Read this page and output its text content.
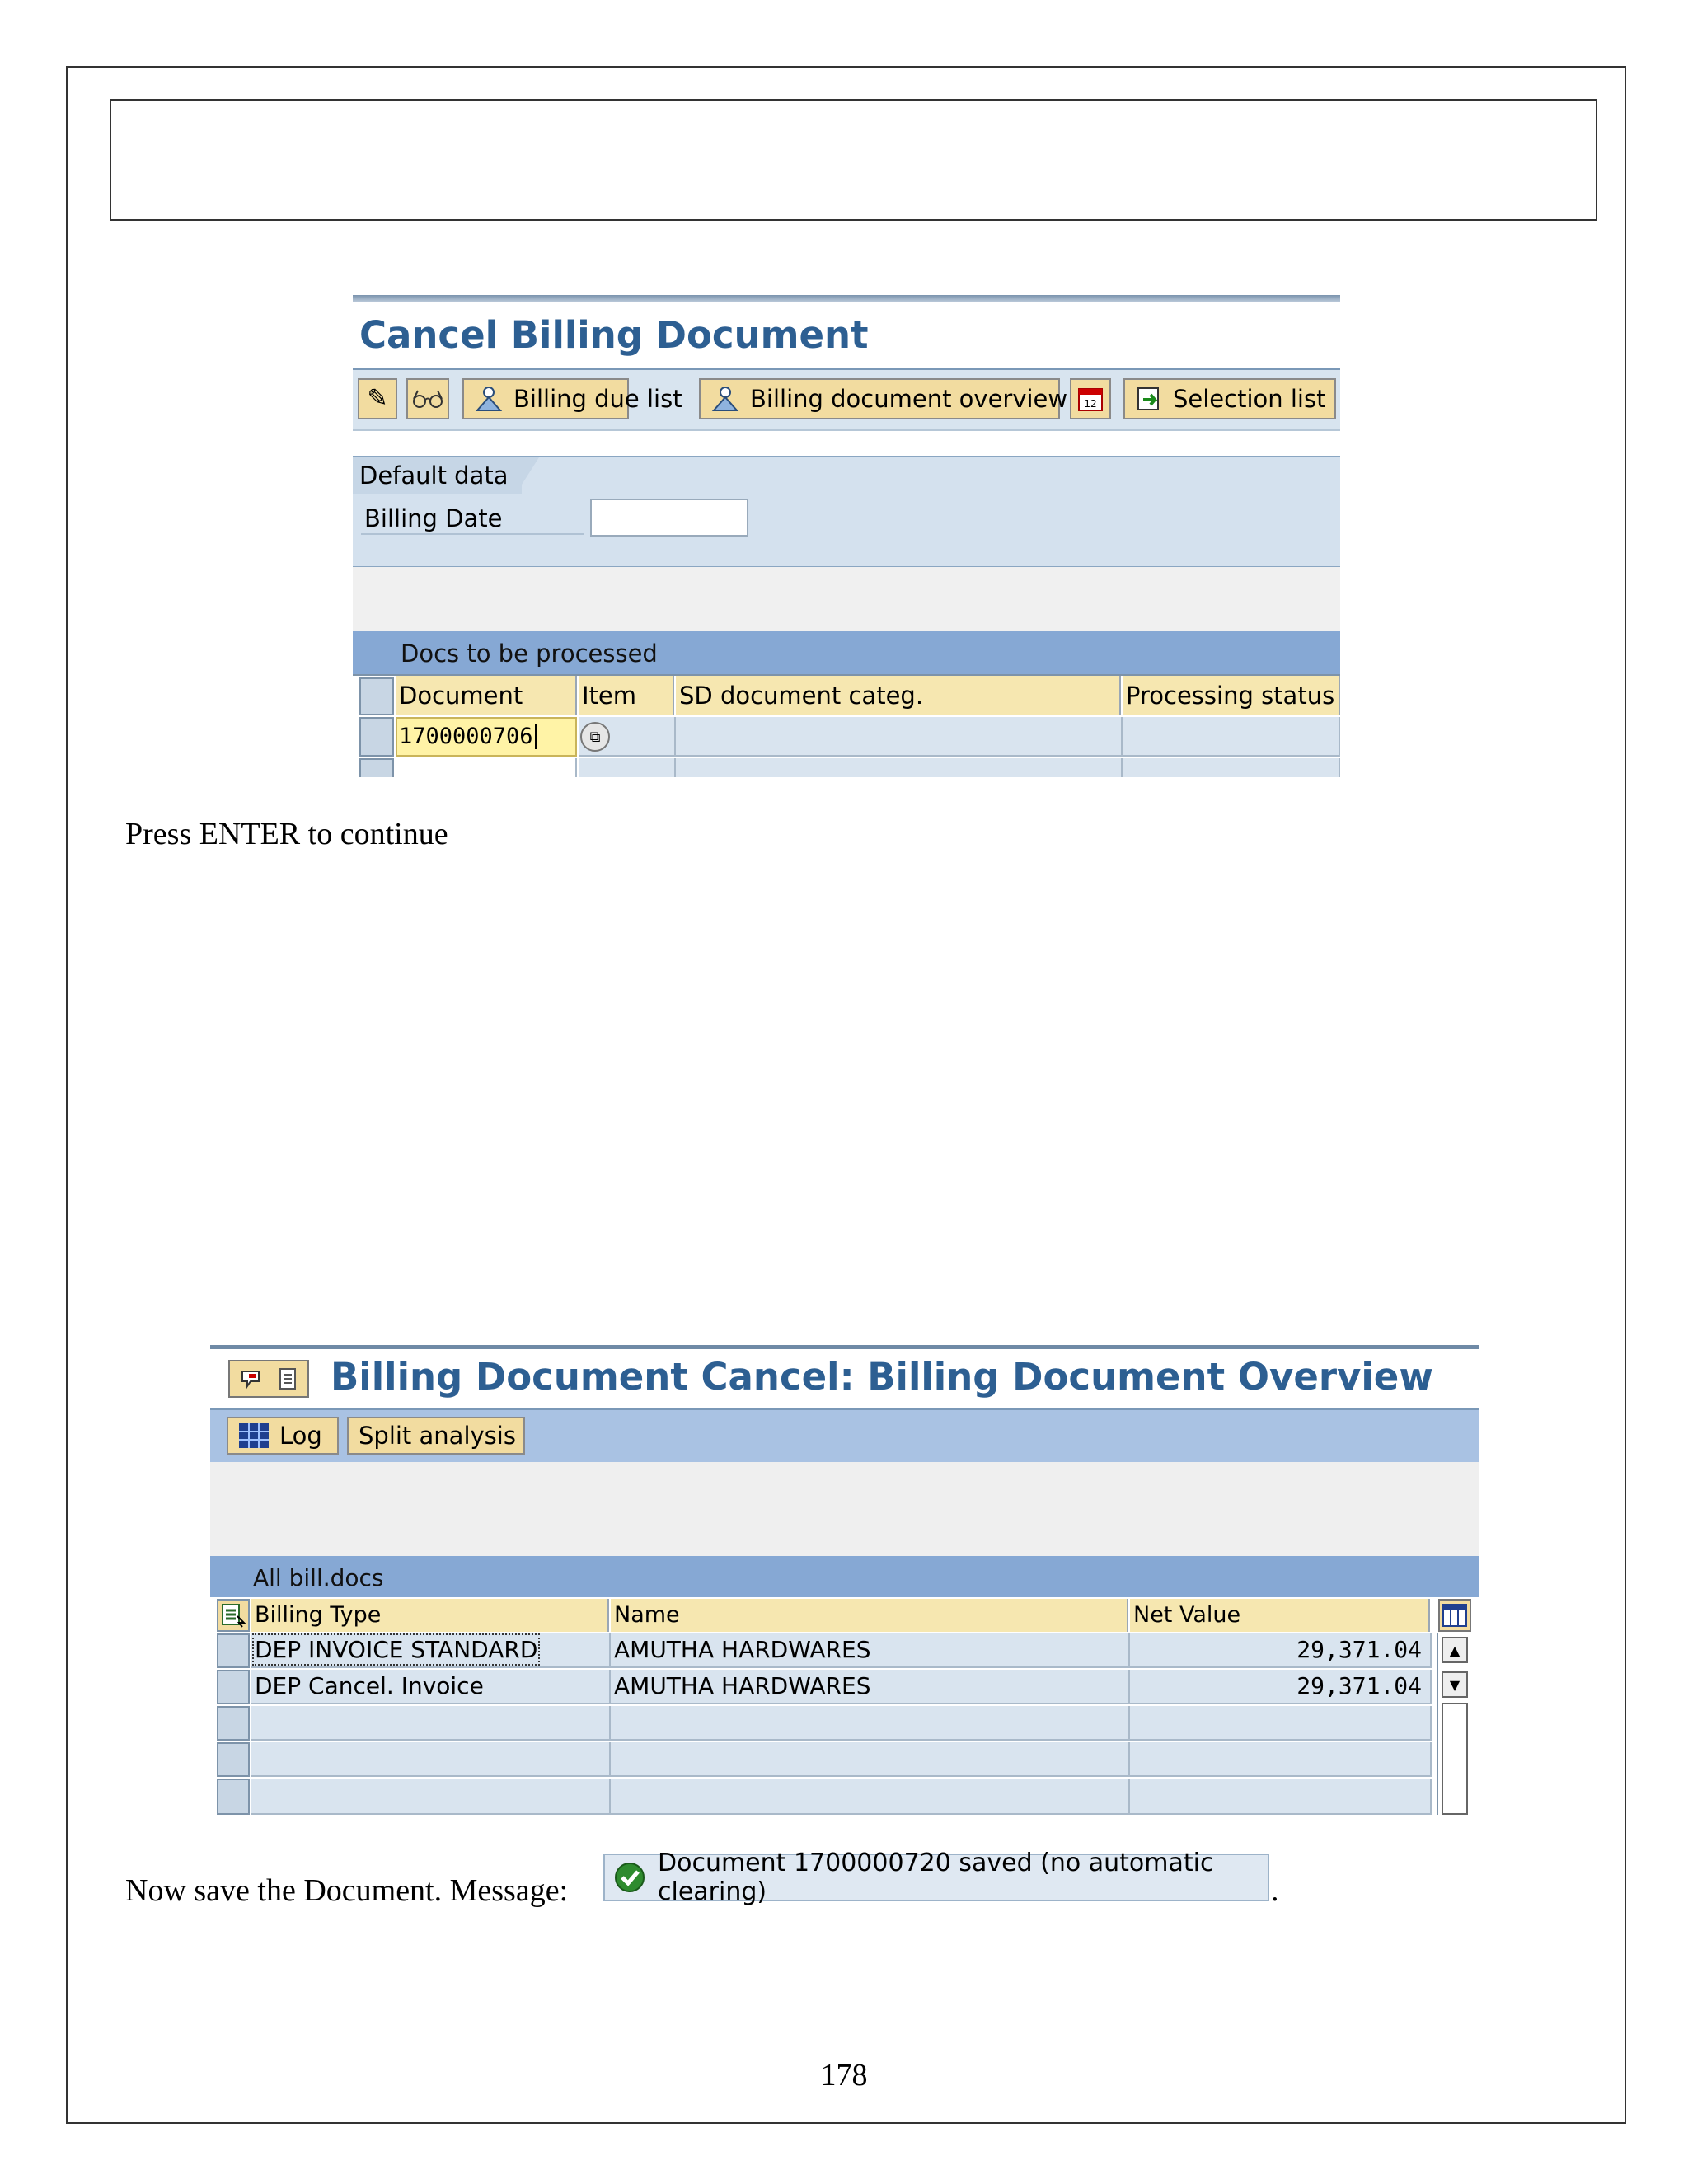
Cancel Billing Document
✎	Billing due list	Billing document overview 12	Selection list
Default data
Billing Date
Docs to be processed
Document	Item	SD document categ.	Processing status
1700000706	⧉
Press ENTER to continue
Billing Document Cancel: Billing Document Overview
Log Split analysis
All bill.docs
Billing Type	Name	Net Value
DEP INVOICE STANDARD	AMUTHA HARDWARES	29,371.04
DEP Cancel. Invoice	AMUTHA HARDWARES	29,371.04
▲
▼
Now save the Document. Message:
Document 1700000720 saved (no automatic clearing)	.
178
